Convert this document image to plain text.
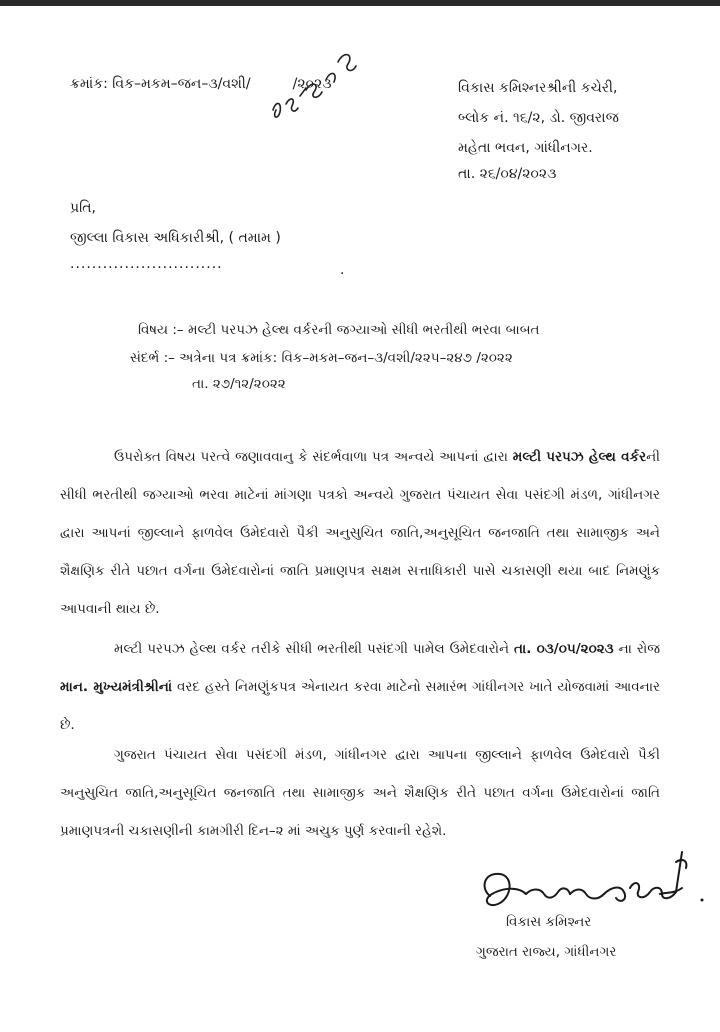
ક્રમાંક: વિક–મકમ–જન–૩/વશી/	/૨૦૨૩	વિકાસ કમિશ્નરશ્રીની કચેરી,
બ્લોક નં. ૧૬/૨, ડો. જીવરાજ
મહેતા ભવન, ગાંધીનગર.
તા. ૨૬/૦૪/૨૦૨૩
પ્રતિ,
જીલ્લા વિકાસ અધિકારીશ્રી, ( તમામ )
............................	.
વિષય :– મલ્ટી પરપઝ હેલ્થ વર્કરની જગ્યાઓ સીધી ભરતીથી ભરવા બાબત
સંદર્ભ :– અત્રેના પત્ર ક્રમાંક: વિક–મકમ–જન–૩/વશી/૨૨૫–૨૪૭ /૨૦૨૨
તા. ૨૭/૧૨/૨૦૨૨

ઉપરોક્ત વિષય પરત્વે જણાવવાનુ કે સંદર્ભવાળા પત્ર અન્વયે આપનાં દ્વારા મલ્ટી પરપઝ હેલ્થ વર્કરની સીધી ભરતીથી જગ્યાઓ ભરવા માટેનાં માંગણા પત્રકો અન્વયે ગુજરાત પંચાયત સેવા પસંદગી મંડળ, ગાંધીનગર દ્વારા આપનાં જીલ્લાને ફાળવેલ ઉમેદવારો પૈકી અનુસુચિત જાતિ,અનુસૂચિત જનજાતિ તથા સામાજીક અને શૈક્ષણિક રીતે પછાત વર્ગના ઉમેદવારોનાં જાતિ પ્રમાણપત્ર સક્ષમ સત્તાધિકારી પાસે ચકાસણી થયા બાદ નિમણુંક આપવાની થાય છે.

મલ્ટી પરપઝ હેલ્થ વર્કર તરીકે સીધી ભરતીથી પસંદગી પામેલ ઉમેદવારોને તા. ૦૩/૦૫/૨૦૨૩ ના રોજ માન. મુખ્યમંત્રીશ્રીનાં વરદ હસ્તે નિમણુંકપત્ર એનાયત કરવા માટેનો સમારંભ ગાંધીનગર ખાતે યોજવામાં આવનાર છે.

ગુજરાત પંચાયત સેવા પસંદગી મંડળ, ગાંધીનગર દ્વારા આપના જીલ્લાને ફાળવેલ ઉમેદવારો પૈકી અનુસુચિત જાતિ,અનુસૂચિત જનજાતિ તથા સામાજીક અને શૈક્ષણિક રીતે પછાત વર્ગના ઉમેદવારોનાં જાતિ પ્રમાણપત્રની ચકાસણીની કામગીરી દિન–૨ માં અચુક પુર્ણ કરવાની રહેશે.

વિકાસ કમિશ્નર
ગુજરાત રાજ્ય, ગાંધીનગર
